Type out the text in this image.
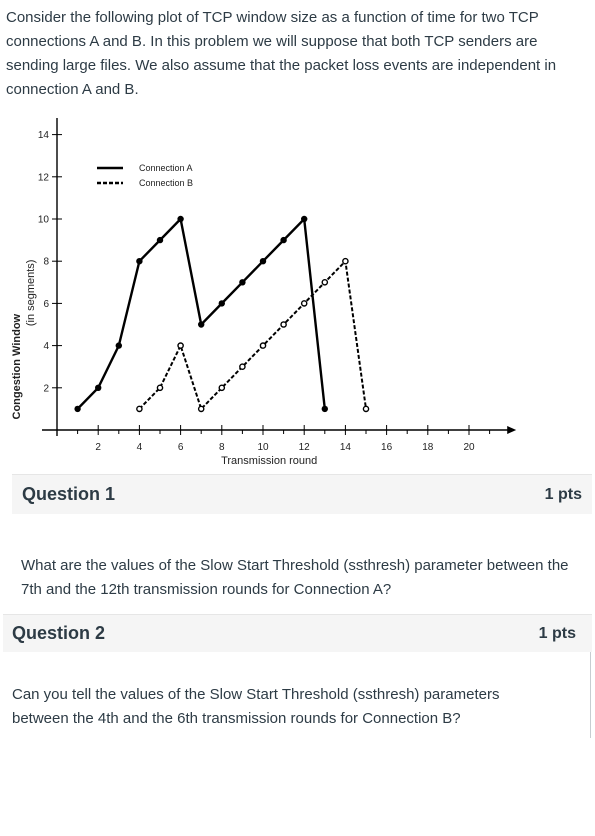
Consider the following plot of TCP window size as a function of time for two TCP connections A and B. In this problem we will suppose that both TCP senders are sending large files. We also assume that the packet loss events are independent in connection A and B.

2	4	6	8	10	12	14	16	18	20
2
4
6
8
10
12
14
Transmission round
Congestion Window
(in segments)
Connection A
Connection B
Question 1	1 pts

What are the values of the Slow Start Threshold (ssthresh) parameter between the 7th and the 12th transmission rounds for Connection A?

Question 2	1 pts

Can you tell the values of the Slow Start Threshold (ssthresh) parameters between the 4th and the 6th transmission rounds for Connection B?
